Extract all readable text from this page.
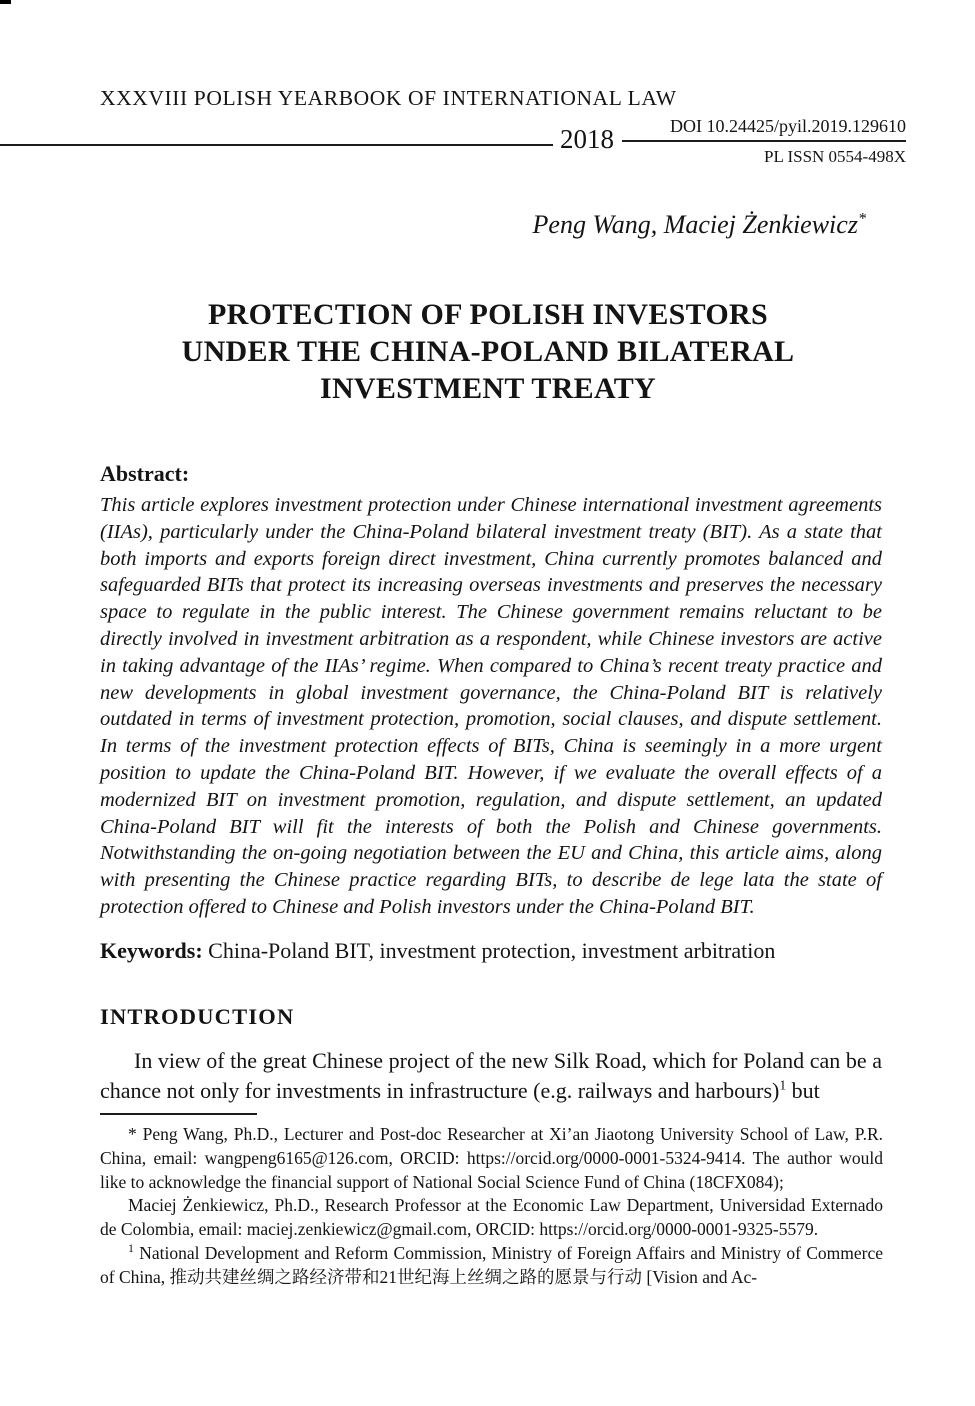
XXXVIII POLISH YEARBOOK OF INTERNATIONAL LAW
2018	DOI 10.24425/pyil.2019.129610
PL ISSN 0554-498X
Peng Wang, Maciej Żenkiewicz*
PROTECTION OF POLISH INVESTORS
UNDER THE CHINA-POLAND BILATERAL
INVESTMENT TREATY
Abstract:
This article explores investment protection under Chinese international investment agreements (IIAs), particularly under the China-Poland bilateral investment treaty (BIT). As a state that both imports and exports foreign direct investment, China currently promotes balanced and safeguarded BITs that protect its increasing overseas investments and preserves the necessary space to regulate in the public interest. The Chinese government remains reluctant to be directly involved in investment arbitration as a respondent, while Chinese investors are active in taking advantage of the IIAs’ regime. When compared to China’s recent treaty practice and new developments in global investment governance, the China-Poland BIT is relatively outdated in terms of investment protection, promotion, social clauses, and dispute settlement. In terms of the investment protection effects of BITs, China is seemingly in a more urgent position to update the China-Poland BIT. However, if we evaluate the overall effects of a modernized BIT on investment promotion, regulation, and dispute settlement, an updated China-Poland BIT will fit the interests of both the Polish and Chinese governments. Notwithstanding the on-going negotiation between the EU and China, this article aims, along with presenting the Chinese practice regarding BITs, to describe de lege lata the state of protection offered to Chinese and Polish investors under the China-Poland BIT.
Keywords: China-Poland BIT, investment protection, investment arbitration
INTRODUCTION
In view of the great Chinese project of the new Silk Road, which for Poland can be a chance not only for investments in infrastructure (e.g. railways and harbours)$^1$ but

* Peng Wang, Ph.D., Lecturer and Post-doc Researcher at Xi’an Jiaotong University School of Law, P.R. China, email: wangpeng6165@126.com, ORCID: https://orcid.org/0000-0001-5324-9414. The author would like to acknowledge the financial support of National Social Science Fund of China (18CFX084);

Maciej Żenkiewicz, Ph.D., Research Professor at the Economic Law Department, Universidad Externado de Colombia, email: maciej.zenkiewicz@gmail.com, ORCID: https://orcid.org/0000-0001-9325-5579.

$^1$ National Development and Reform Commission, Ministry of Foreign Affairs and Ministry of Commerce of China, 推动共建丝绸之路经济带和21世纪海上丝绸之路的愿景与行动 [Vision and Ac-
